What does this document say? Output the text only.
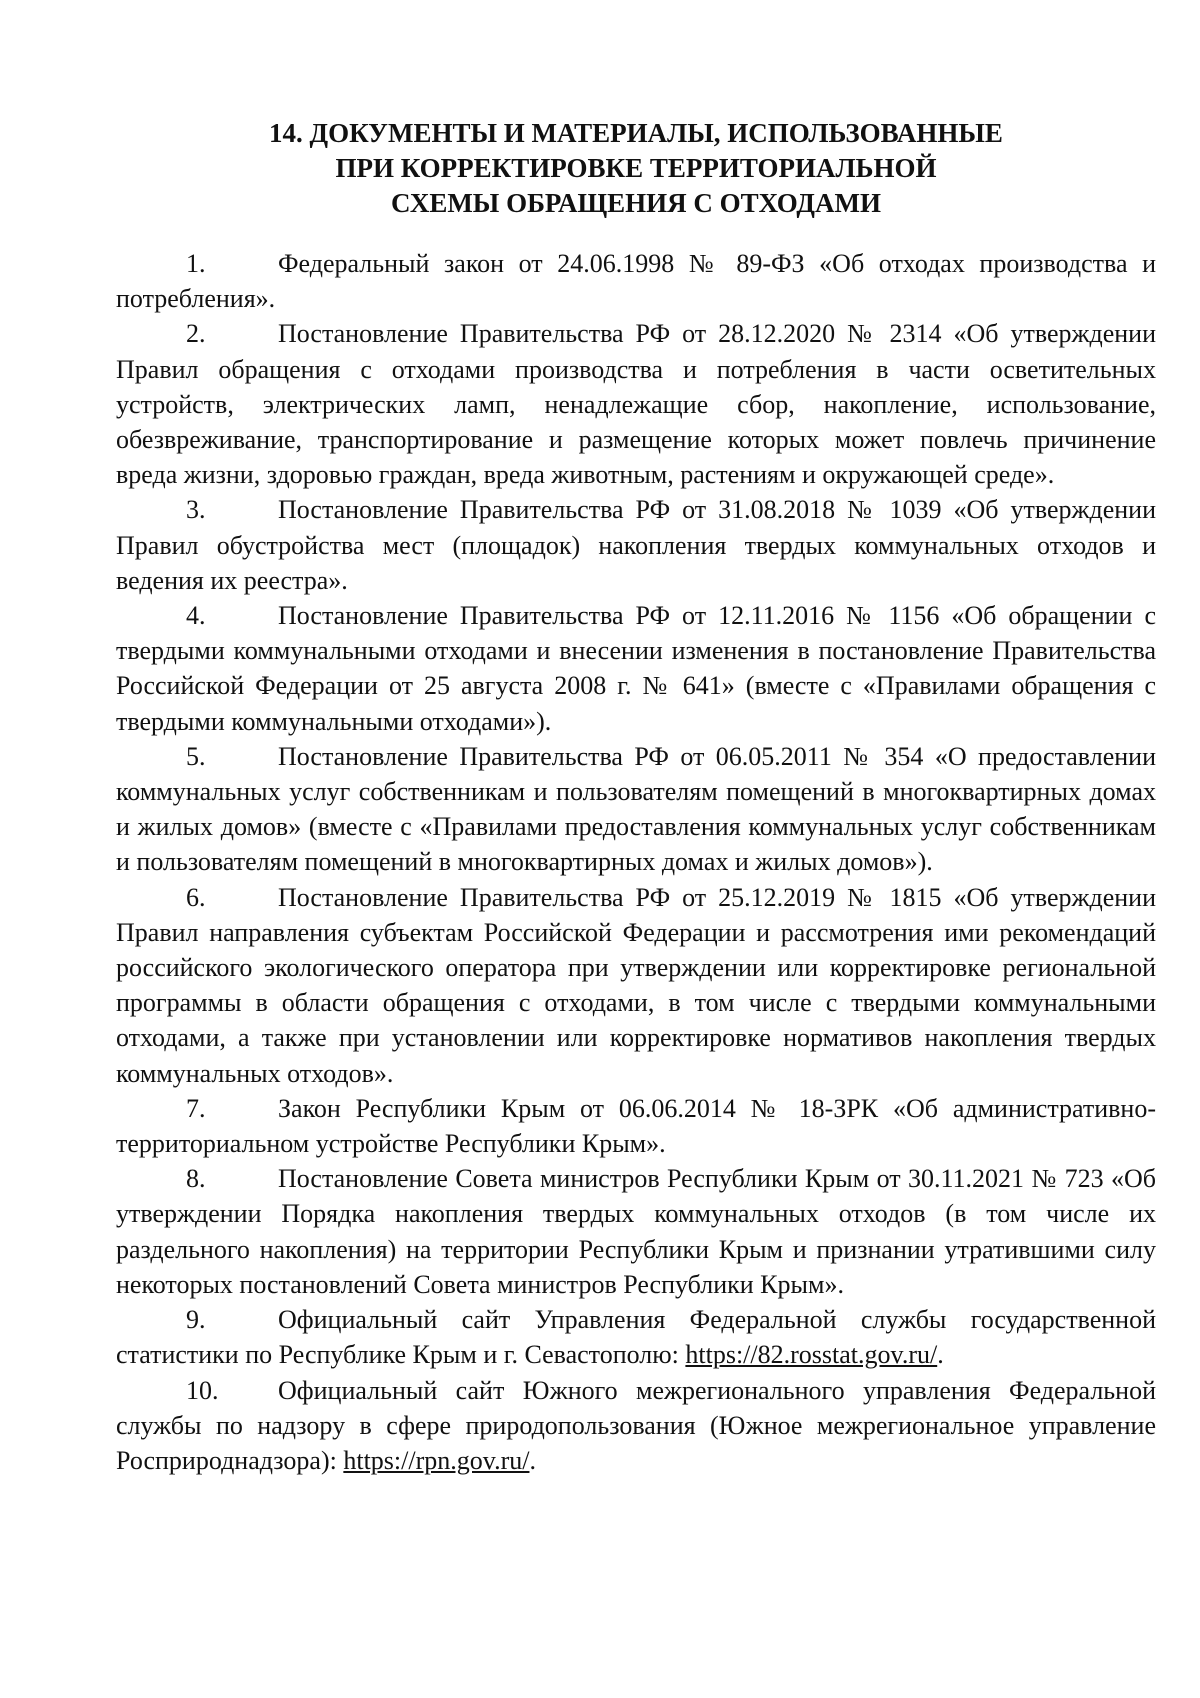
14. ДОКУМЕНТЫ И МАТЕРИАЛЫ, ИСПОЛЬЗОВАННЫЕ
ПРИ КОРРЕКТИРОВКЕ ТЕРРИТОРИАЛЬНОЙ
СХЕМЫ ОБРАЩЕНИЯ С ОТХОДАМИ

1.	Федеральный закон от 24.06.1998 № 89-ФЗ «Об отходах производства и потребления».

2.	Постановление Правительства РФ от 28.12.2020 № 2314 «Об утверждении Правил обращения с отходами производства и потребления в части осветительных устройств, электрических ламп, ненадлежащие сбор, накопление, использование, обезвреживание, транспортирование и размещение которых может повлечь причинение вреда жизни, здоровью граждан, вреда животным, растениям и окружающей среде».

3.	Постановление Правительства РФ от 31.08.2018 № 1039 «Об утверждении Правил обустройства мест (площадок) накопления твердых коммунальных отходов и ведения их реестра».

4.	Постановление Правительства РФ от 12.11.2016 № 1156 «Об обращении с твердыми коммунальными отходами и внесении изменения в постановление Правительства Российской Федерации от 25 августа 2008 г. № 641» (вместе с «Правилами обращения с твердыми коммунальными отходами»).

5.	Постановление Правительства РФ от 06.05.2011 № 354 «О предоставлении коммунальных услуг собственникам и пользователям помещений в многоквартирных домах и жилых домов» (вместе с «Правилами предоставления коммунальных услуг собственникам и пользователям помещений в многоквартирных домах и жилых домов»).

6.	Постановление Правительства РФ от 25.12.2019 № 1815 «Об утверждении Правил направления субъектам Российской Федерации и рассмотрения ими рекомендаций российского экологического оператора при утверждении или корректировке региональной программы в области обращения с отходами, в том числе с твердыми коммунальными отходами, а также при установлении или корректировке нормативов накопления твердых коммунальных отходов».

7.	Закон Республики Крым от 06.06.2014 № 18-ЗРК «Об административно-территориальном устройстве Республики Крым».

8.	Постановление Совета министров Республики Крым от 30.11.2021 № 723 «Об утверждении Порядка накопления твердых коммунальных отходов (в том числе их раздельного накопления) на территории Республики Крым и признании утратившими силу некоторых постановлений Совета министров Республики Крым».

9.	Официальный сайт Управления Федеральной службы государственной статистики по Республике Крым и г. Севастополю: https://82.rosstat.gov.ru/.

10. Официальный сайт Южного межрегионального управления Федеральной службы по надзору в сфере природопользования (Южное межрегиональное управление Росприроднадзора): https://rpn.gov.ru/.
